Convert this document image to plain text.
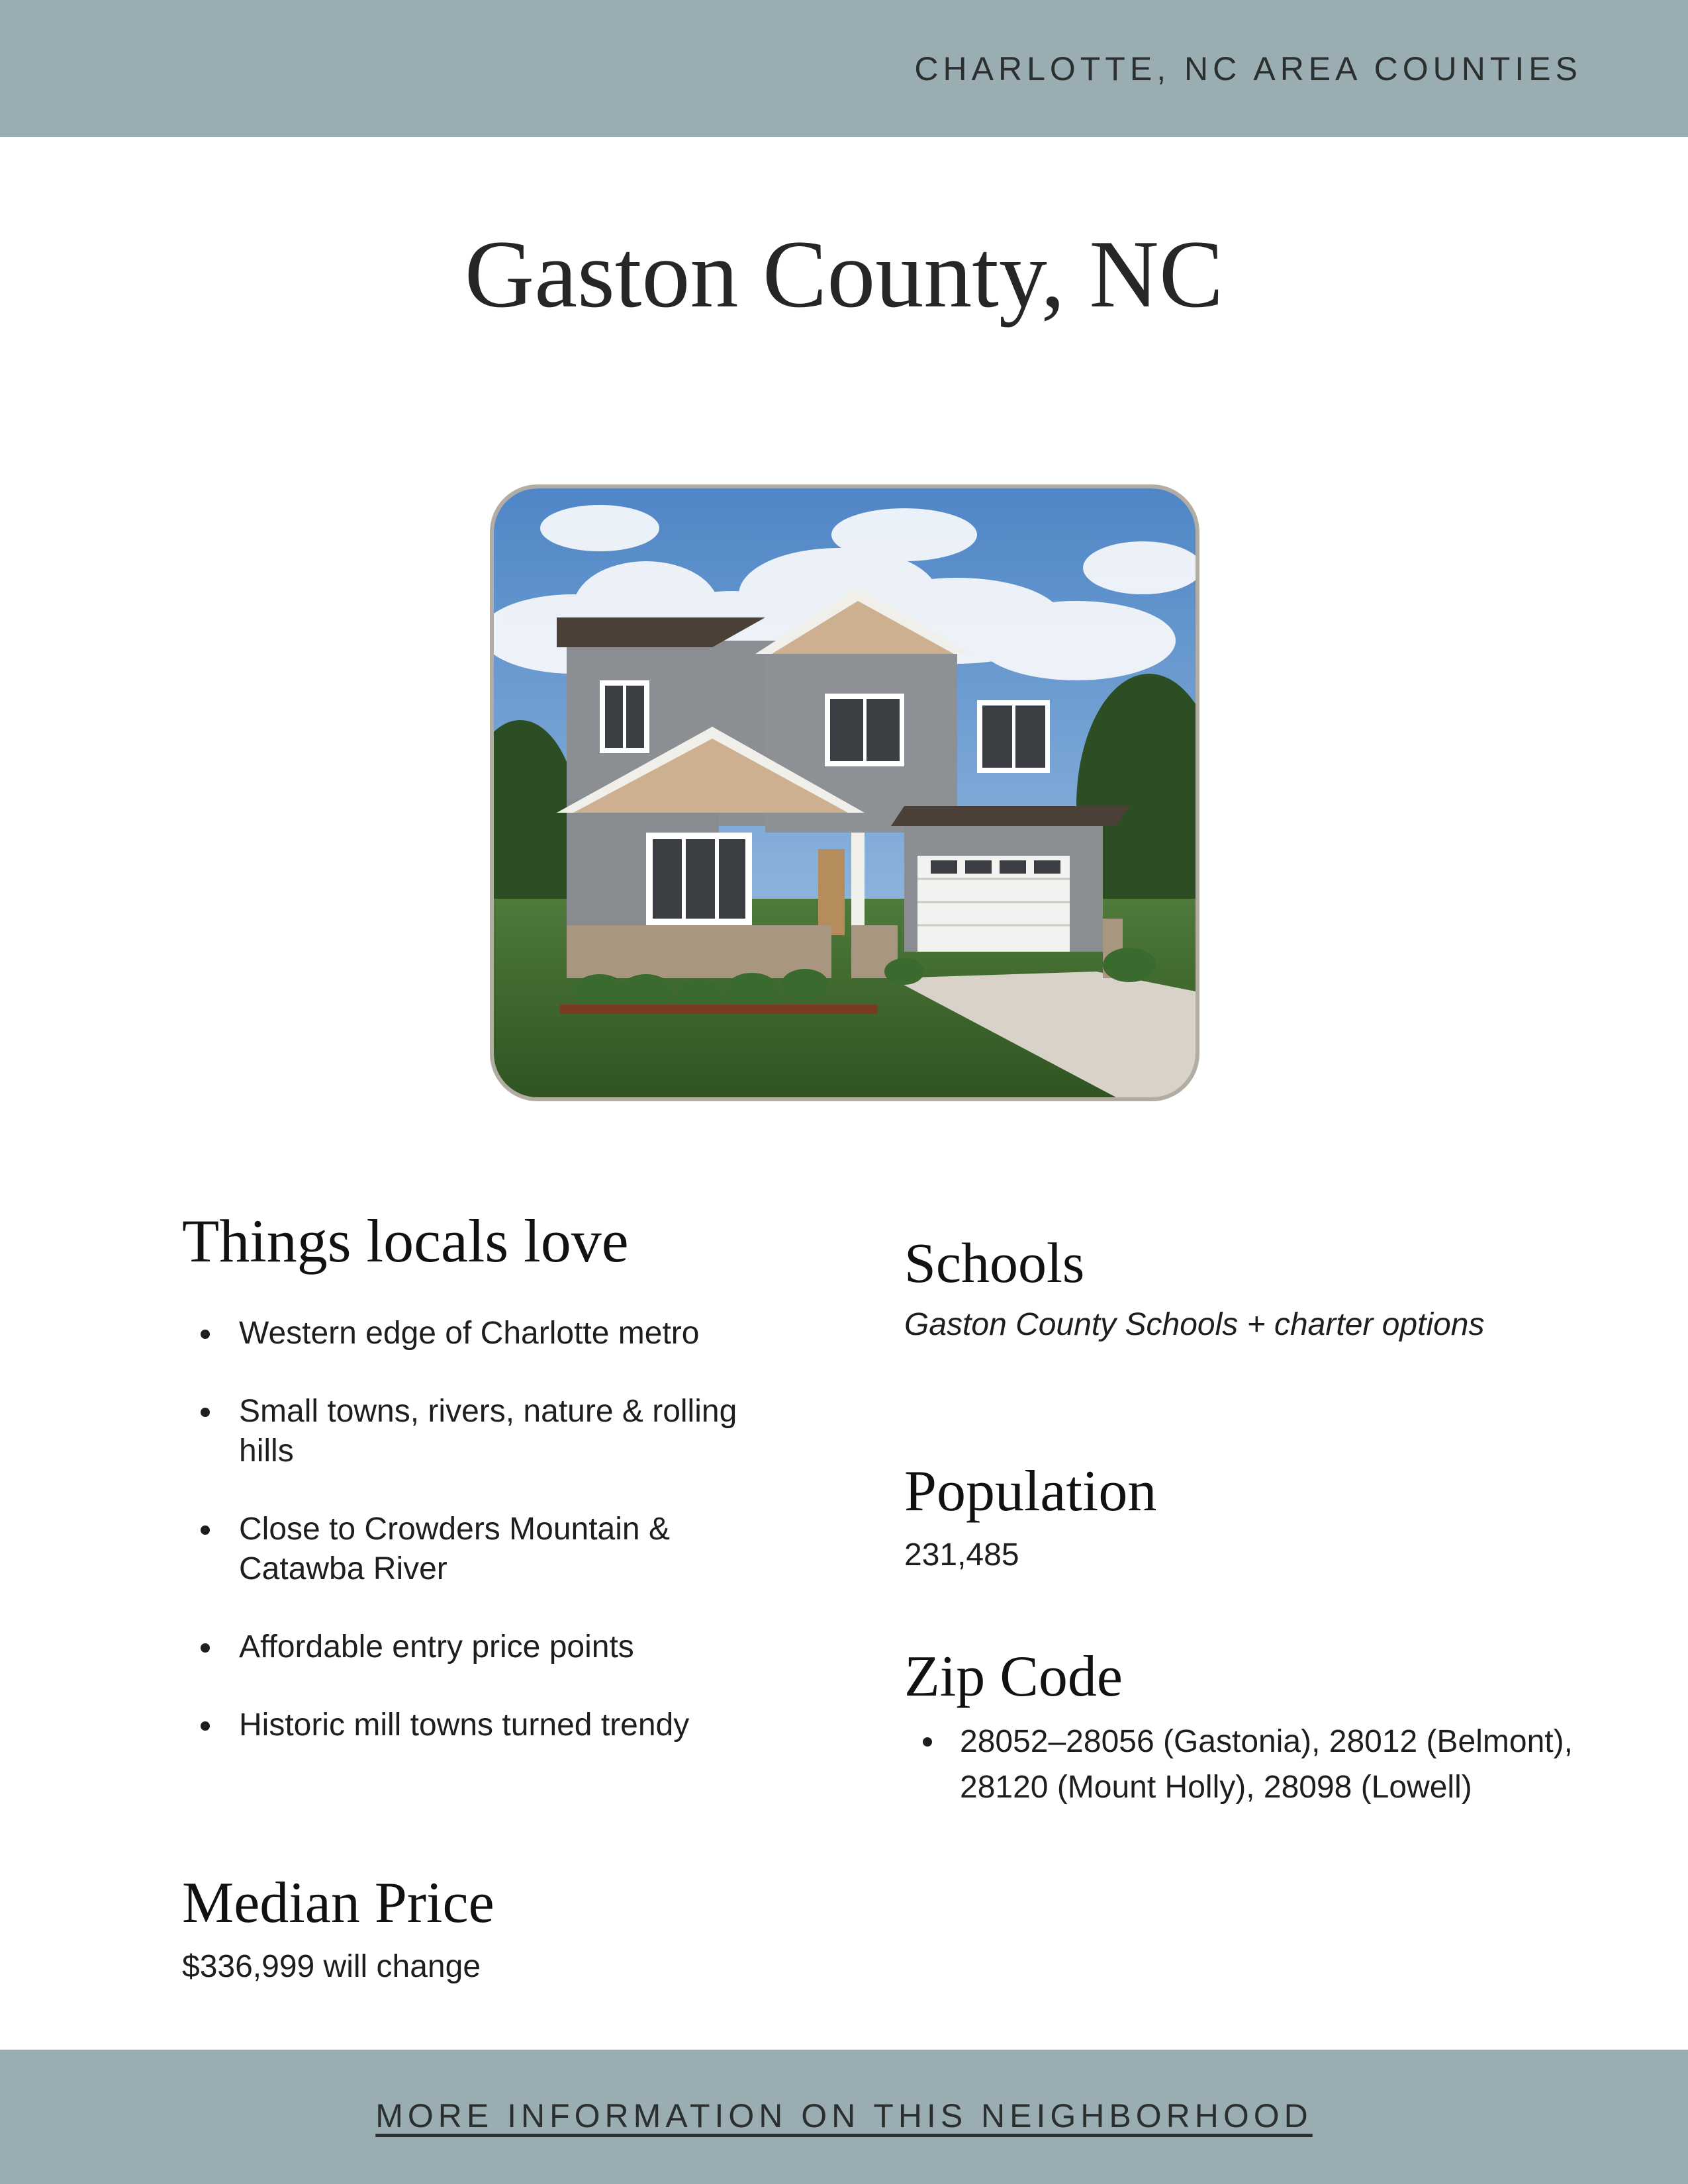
CHARLOTTE, NC AREA COUNTIES
Gaston County, NC
Things locals love
Western edge of Charlotte metro
Small towns, rivers, nature & rolling hills
Close to Crowders Mountain & Catawba River
Affordable entry price points
Historic mill towns turned trendy
Median Price
$336,999 will change
Schools
Gaston County Schools + charter options
Population
231,485
Zip Code
28052–28056 (Gastonia), 28012 (Belmont), 28120 (Mount Holly), 28098 (Lowell)
MORE INFORMATION ON THIS NEIGHBORHOOD
